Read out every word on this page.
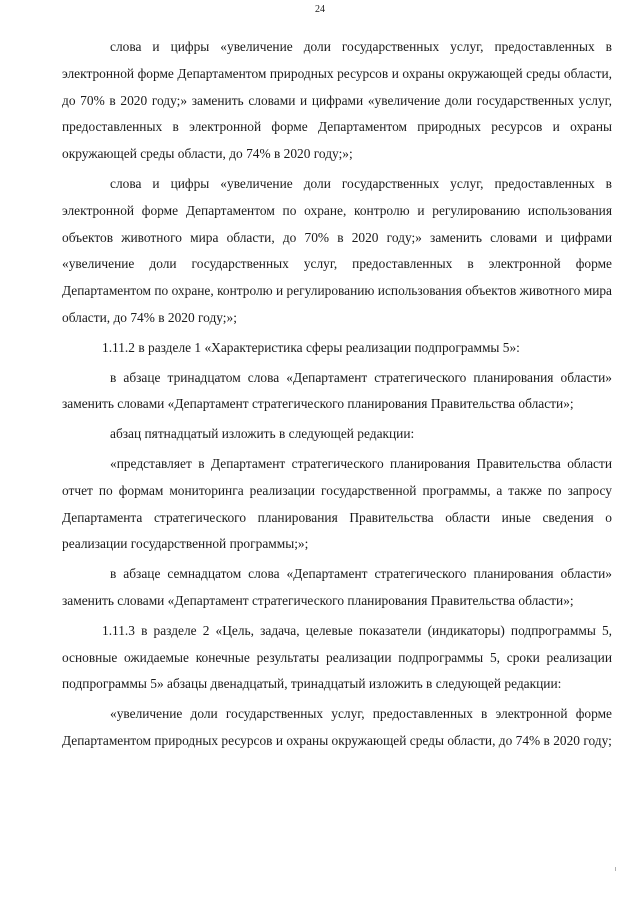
24

слова и цифры «увеличение доли государственных услуг, предоставленных в электронной форме Департаментом природных ресурсов и охраны окружающей среды области, до 70% в 2020 году;» заменить словами и цифрами «увеличение доли государственных услуг, предоставленных в электронной форме Департаментом природных ресурсов и охраны окружающей среды области, до 74% в 2020 году;»;

слова и цифры «увеличение доли государственных услуг, предоставленных в электронной форме Департаментом по охране, контролю и регулированию использования объектов животного мира области, до 70% в 2020 году;» заменить словами и цифрами «увеличение доли государственных услуг, предоставленных в электронной форме Департаментом по охране, контролю и регулированию использования объектов животного мира области, до 74% в 2020 году;»;

1.11.2 в разделе 1 «Характеристика сферы реализации подпрограммы 5»:

в абзаце тринадцатом слова «Департамент стратегического планирования области» заменить словами «Департамент стратегического планирования Правительства области»;

абзац пятнадцатый изложить в следующей редакции:

«представляет в Департамент стратегического планирования Правительства области отчет по формам мониторинга реализации государственной программы, а также по запросу Департамента стратегического планирования Правительства области иные сведения о реализации государственной программы;»;

в абзаце семнадцатом слова «Департамент стратегического планирования области» заменить словами «Департамент стратегического планирования Правительства области»;

1.11.3 в разделе 2 «Цель, задача, целевые показатели (индикаторы) подпрограммы 5, основные ожидаемые конечные результаты реализации подпрограммы 5, сроки реализации подпрограммы 5» абзацы двенадцатый, тринадцатый изложить в следующей редакции:

«увеличение доли государственных услуг, предоставленных в электронной форме Департаментом природных ресурсов и охраны окружающей среды области, до 74% в 2020 году;
